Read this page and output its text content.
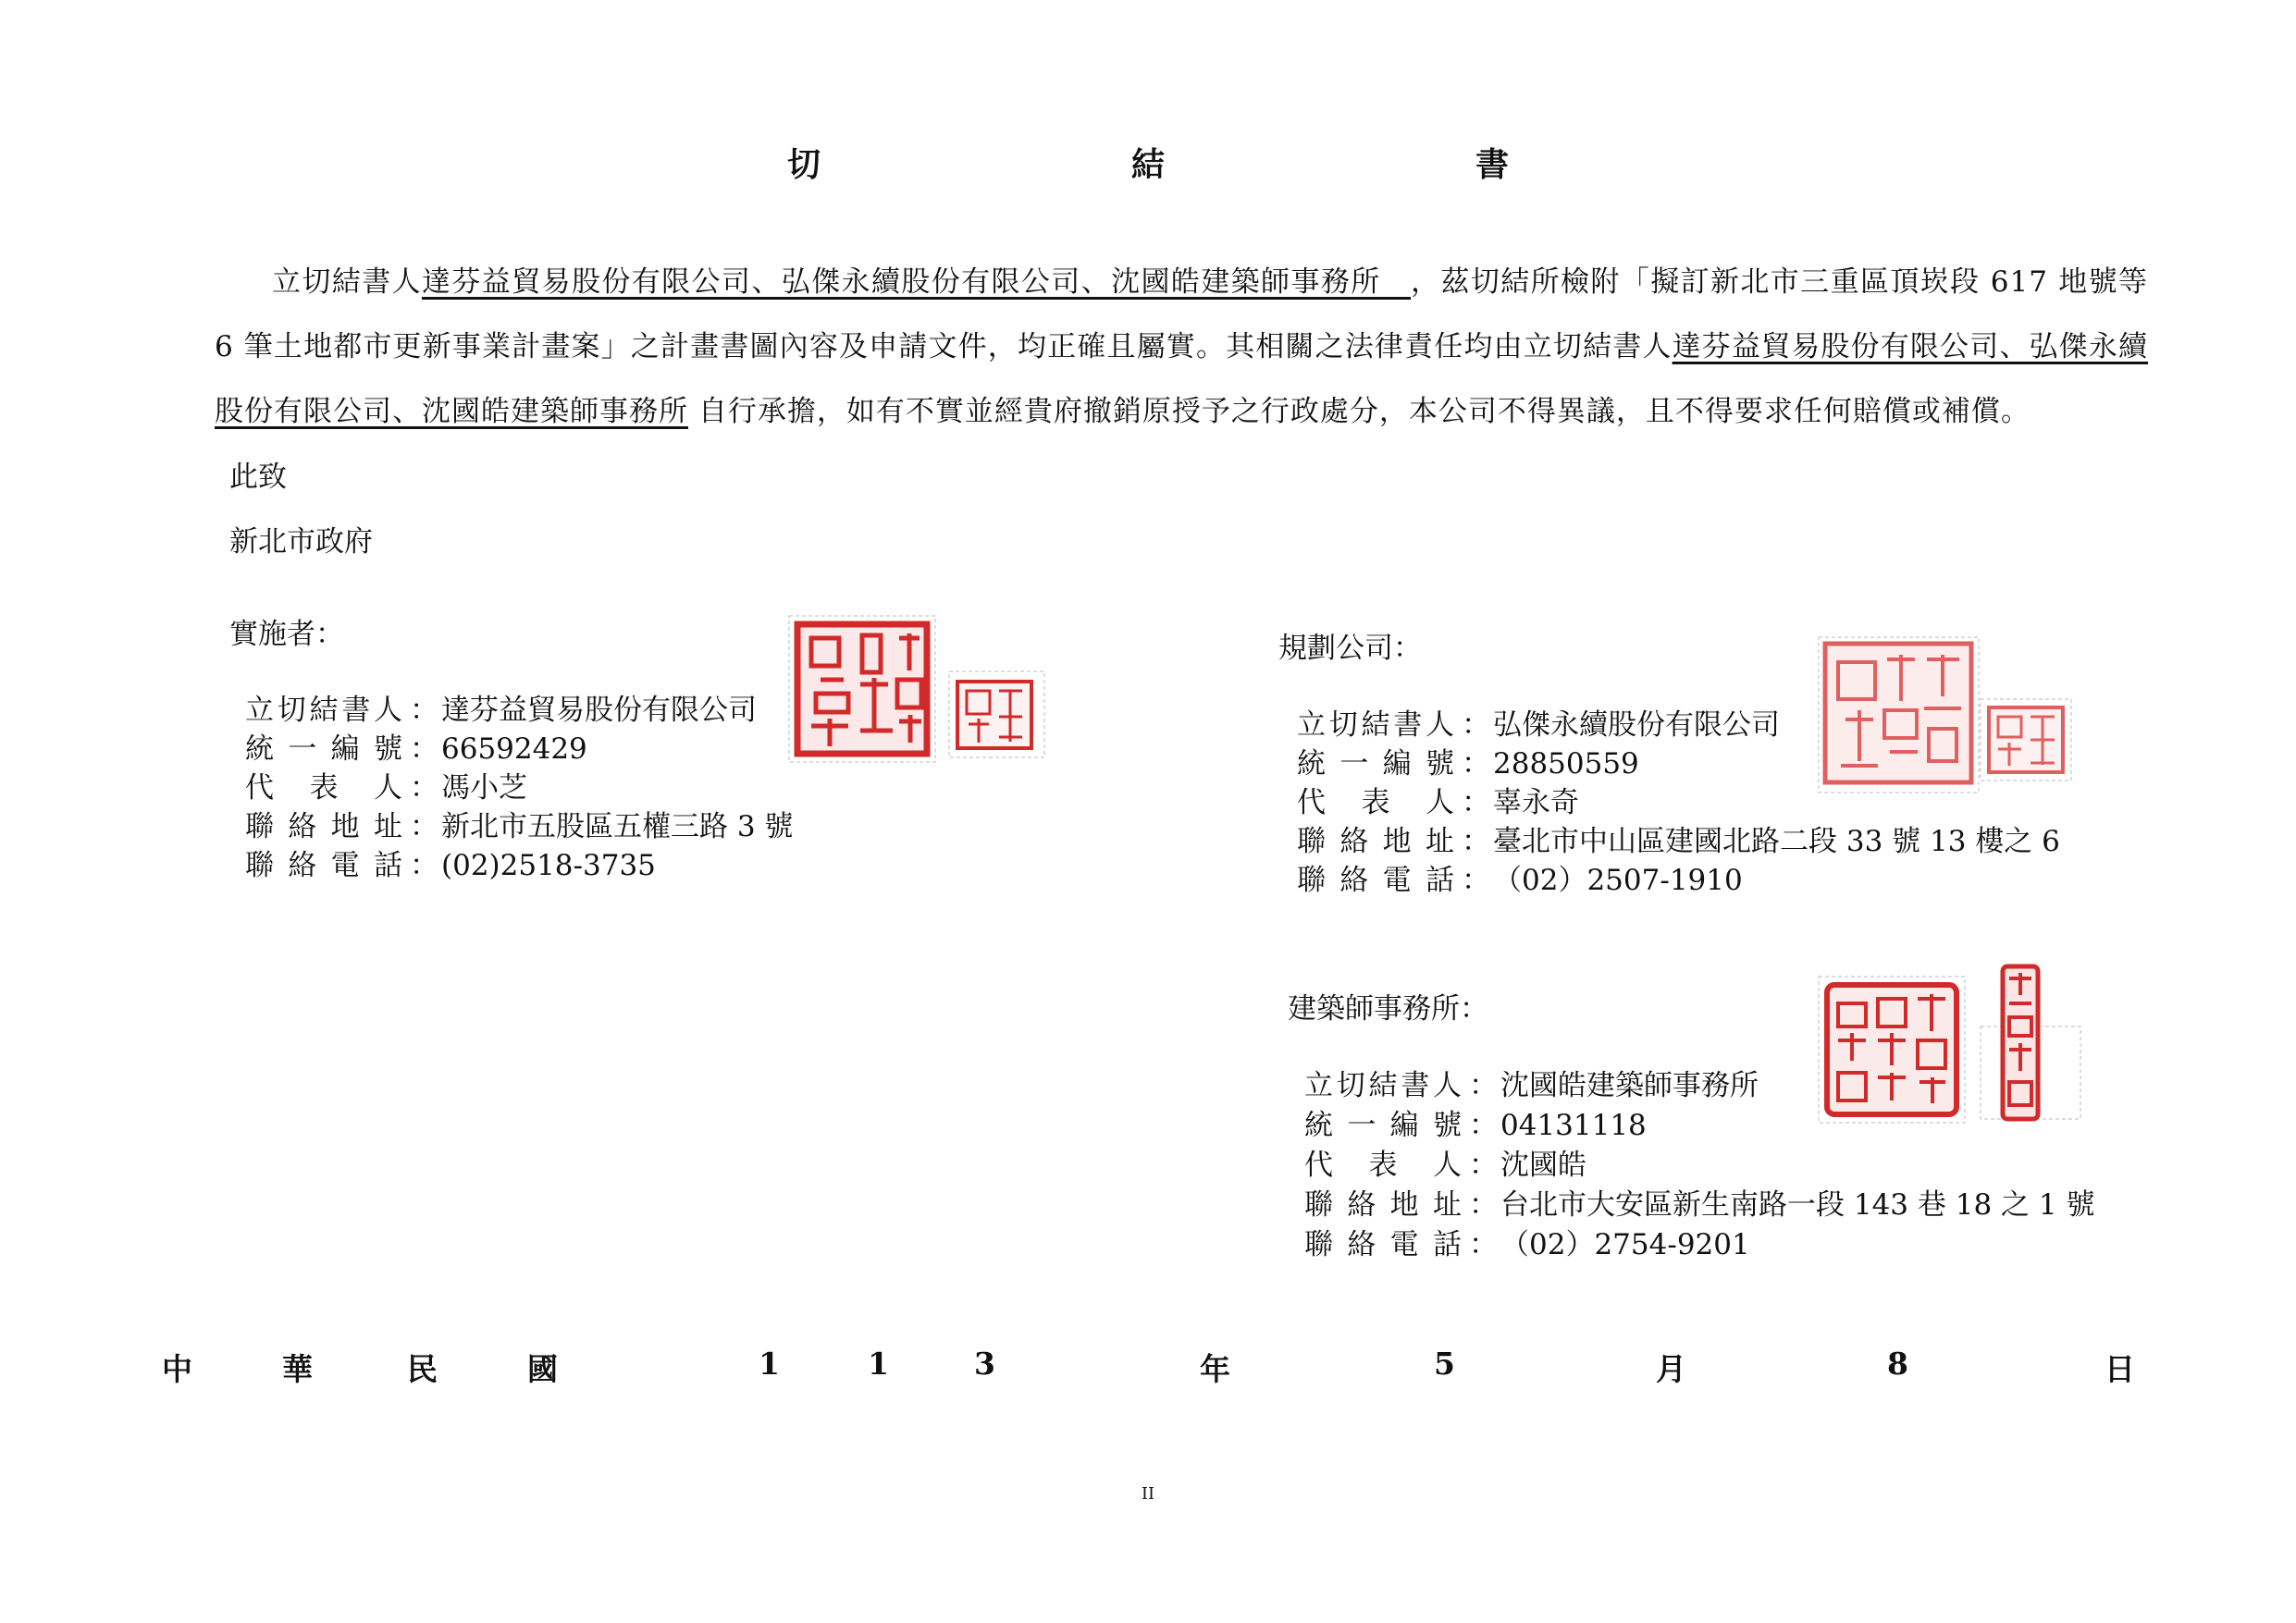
切　結　書
立切結書人達芬益貿易股份有限公司、弘傑永續股份有限公司、沈國皓建築師事務所　，茲切結所檢附「擬訂新北市三重區頂崁段 617 地號等 6 筆土地都市更新事業計畫案」之計畫書圖內容及申請文件，均正確且屬實。其相關之法律責任均由立切結書人達芬益貿易股份有限公司、弘傑永續股份有限公司、沈國皓建築師事務所 自行承擔，如有不實並經貴府撤銷原授予之行政處分，本公司不得異議，且不得要求任何賠償或補償。
此致
新北市政府
實施者：
立切結書人 ：達芬益貿易股份有限公司
統一編號 ：66592429
代表人 ：馮小芝
聯絡地址 ：新北市五股區五權三路 3 號
聯絡電話 ：(02)2518-3735
規劃公司：
立切結書人 ：弘傑永續股份有限公司
統一編號 ：28850559
代表人 ：辜永奇
聯絡地址 ：臺北市中山區建國北路二段 33 號 13 樓之 6
聯絡電話 ：（02）2507-1910
建築師事務所：
立切結書人 ：沈國皓建築師事務所
統一編號 ：04131118
代表人 ：沈國皓
聯絡地址 ：台北市大安區新生南路一段 143 巷 18 之 1 號
聯絡電話 ：（02）2754-9201
中	華	民	國	1	1	3	年	5	月	8	日
II
